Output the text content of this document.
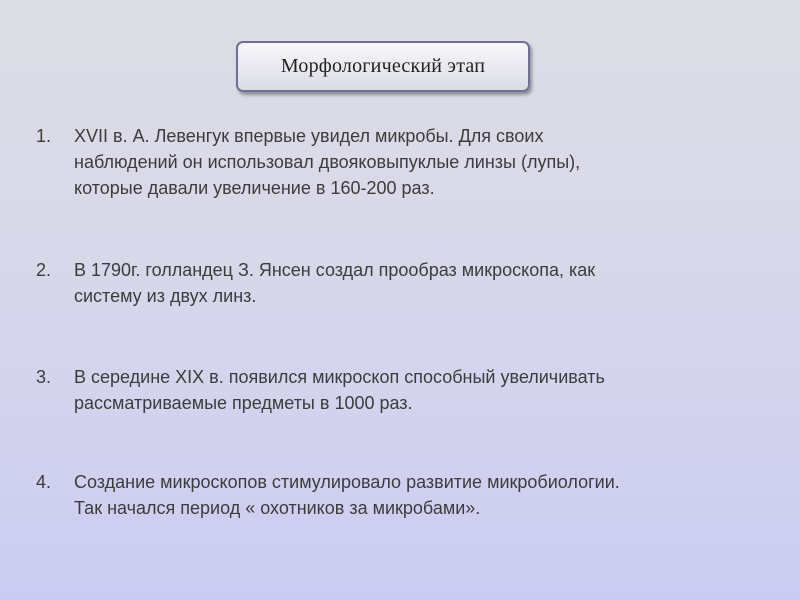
Морфологический этап
1.	XVII в. А. Левенгук впервые увидел микробы. Для своих
наблюдений он использовал двояковыпуклые линзы (лупы),
которые давали увеличение в 160-200 раз.
2.	В 1790г. голландец З. Янсен создал прообраз микроскопа, как
систему из двух линз.
3.	В середине XIX в. появился микроскоп способный увеличивать
рассматриваемые предметы в 1000 раз.
4.	Создание микроскопов стимулировало развитие микробиологии.
Так начался период « охотников за микробами».
